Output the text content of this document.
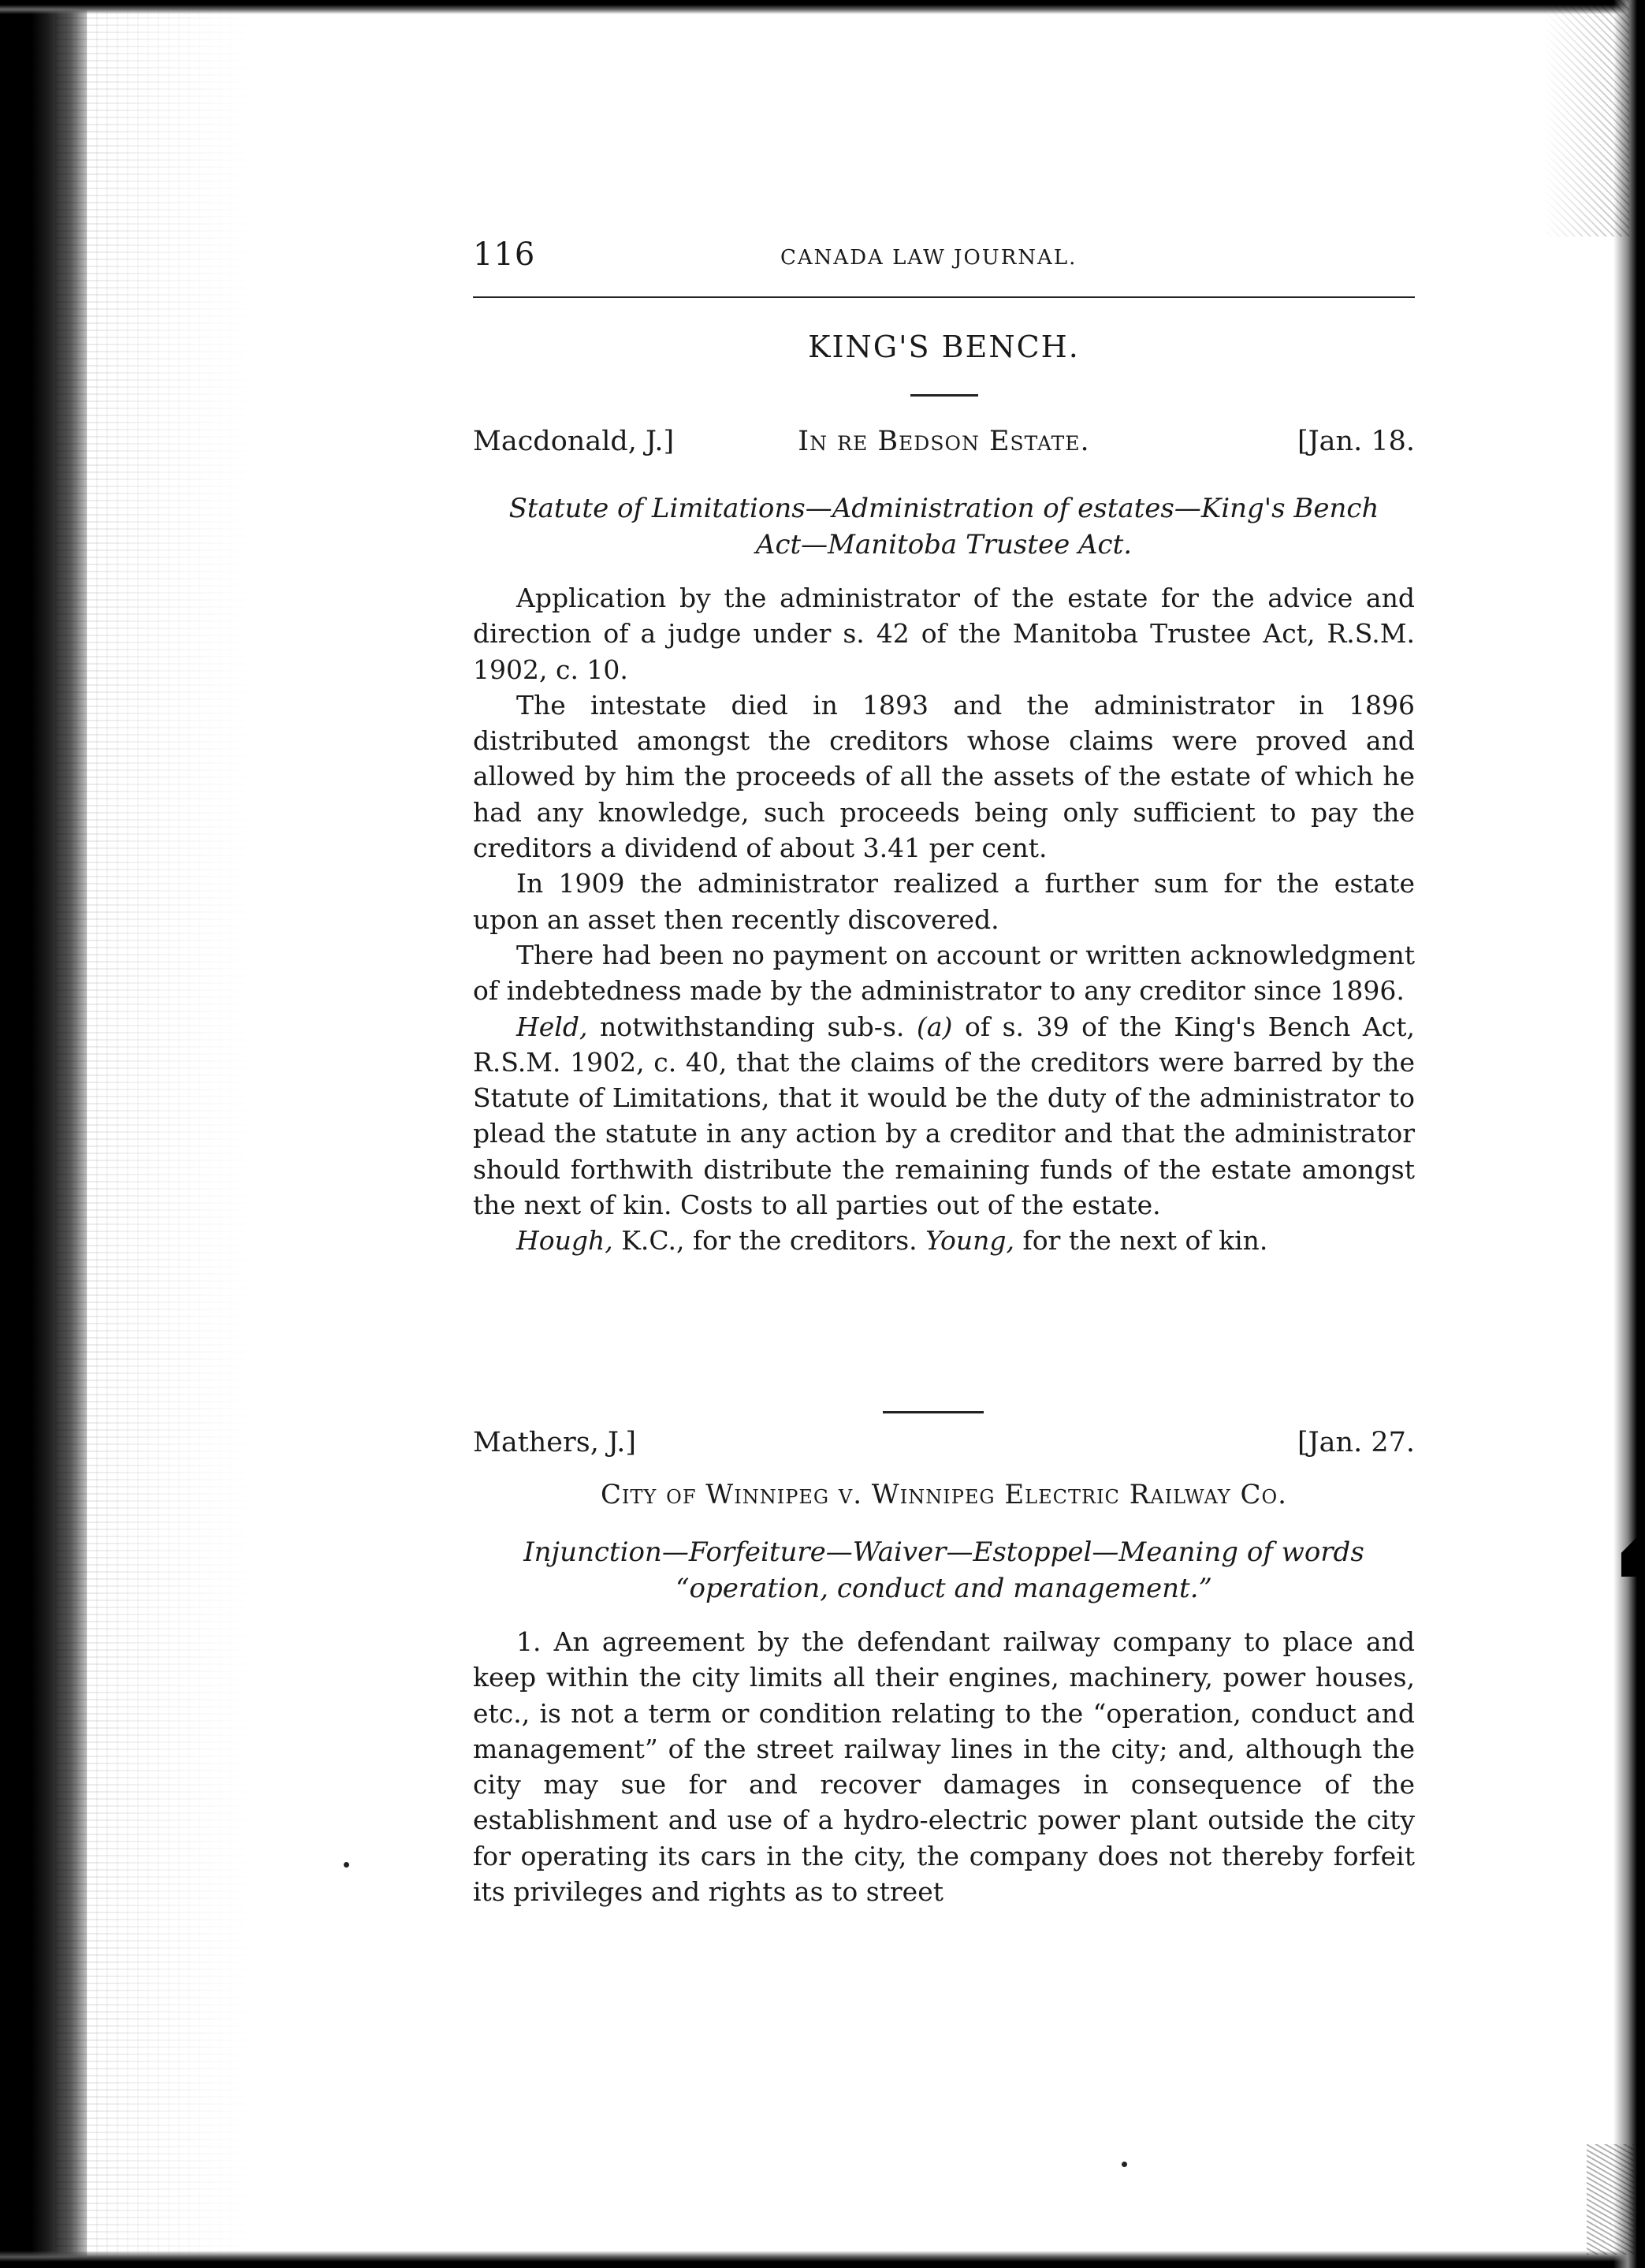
116	CANADA LAW JOURNAL.
KING'S BENCH.
Macdonald, J.]	In re Bedson Estate.	[Jan. 18.
Statute of Limitations—Administration of estates—King's Bench
Act—Manitoba Trustee Act.

Application by the administrator of the estate for the advice and direction of a judge under s. 42 of the Manitoba Trustee Act, R.S.M. 1902, c. 10.

The intestate died in 1893 and the administrator in 1896 distributed amongst the creditors whose claims were proved and allowed by him the proceeds of all the assets of the estate of which he had any knowledge, such proceeds being only sufficient to pay the creditors a dividend of about 3.41 per cent.

In 1909 the administrator realized a further sum for the estate upon an asset then recently discovered.

There had been no payment on account or written acknowledgment of indebtedness made by the administrator to any creditor since 1896.

Held, notwithstanding sub-s. (a) of s. 39 of the King's Bench Act, R.S.M. 1902, c. 40, that the claims of the creditors were barred by the Statute of Limitations, that it would be the duty of the administrator to plead the statute in any action by a creditor and that the administrator should forthwith distribute the remaining funds of the estate amongst the next of kin. Costs to all parties out of the estate.

Hough, K.C., for the creditors. Young, for the next of kin.

Mathers, J.]	[Jan. 27.
City of Winnipeg v. Winnipeg Electric Railway Co.
Injunction—Forfeiture—Waiver—Estoppel—Meaning of words
“operation, conduct and management.”

1. An agreement by the defendant railway company to place and keep within the city limits all their engines, machinery, power houses, etc., is not a term or condition relating to the “operation, conduct and management” of the street railway lines in the city; and, although the city may sue for and recover damages in consequence of the establishment and use of a hydro-electric power plant outside the city for operating its cars in the city, the company does not thereby forfeit its privileges and rights as to street
